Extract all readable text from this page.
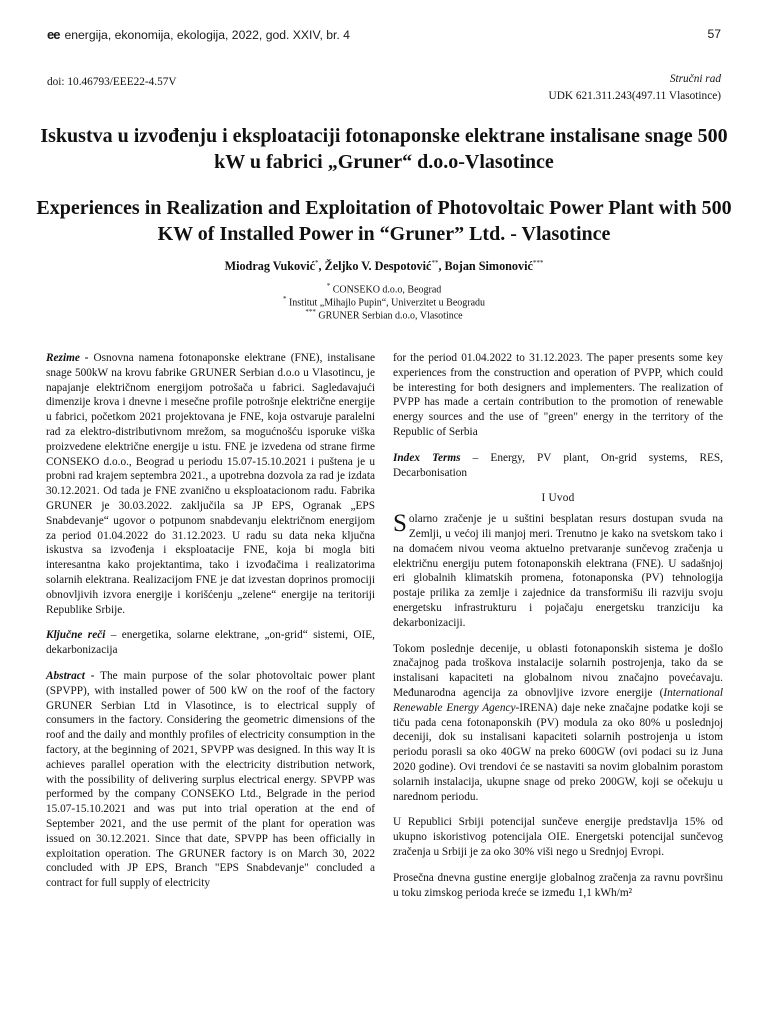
ee energija, ekonomija, ekologija, 2022, god. XXIV, br. 4	57
doi: 10.46793/EEE22-4.57V	Stručni rad
UDK 621.311.243(497.11 Vlasotince)
Iskustva u izvođenju i eksploataciji fotonaponske elektrane instalisane snage 500 kW u fabrici „Gruner“ d.o.o-Vlasotince
Experiences in Realization and Exploitation of Photovoltaic Power Plant with 500 KW of Installed Power in “Gruner” Ltd. - Vlasotince
Miodrag Vuković*, Željko V. Despotović**, Bojan Simonović***
* CONSEKO d.o.o, Beograd
* Institut „Mihajlo Pupin“, Univerzitet u Beogradu
*** GRUNER Serbian d.o.o, Vlasotince

Rezime - Osnovna namena fotonaponske elektrane (FNE), instalisane snage 500kW na krovu fabrike GRUNER Serbian d.o.o u Vlasotincu, je napajanje električnom energijom potrošača u fabrici. Sagledavajući dimenzije krova i dnevne i mesečne profile potrošnje električne energije u fabrici, početkom 2021 projektovana je FNE, koja ostvaruje paralelni rad za elektro-distributivnom mrežom, sa mogućnošću isporuke viška proizvedene električne energije u istu. FNE je izvedena od strane firme CONSEKO d.o.o., Beograd u periodu 15.07-15.10.2021 i puštena je u probni rad krajem septembra 2021., a upotrebna dozvola za rad je izdata 30.12.2021. Od tada je FNE zvanično u eksploatacionom radu. Fabrika GRUNER je 30.03.2022. zaključila sa JP EPS, Ogranak „EPS Snabdevanje“ ugovor o potpunom snabdevanju električnom energijom za period 01.04.2022 do 31.12.2023. U radu su data neka ključna iskustva sa izvođenja i eksploatacije FNE, koja bi mogla biti interesantna kako projektantima, tako i izvođačima i realizatorima solarnih elektrana. Realizacijom FNE je dat izvestan doprinos promociji obnovljivih izvora energije i korišćenju „zelene“ energije na teritoriji Republike Srbije.

Ključne reči – energetika, solarne elektrane, „on-grid“ sistemi, OIE, dekarbonizacija

Abstract - The main purpose of the solar photovoltaic power plant (SPVPP), with installed power of 500 kW on the roof of the factory GRUNER Serbian Ltd in Vlasotince, is to electrical supply of consumers in the factory. Considering the geometric dimensions of the roof and the daily and monthly profiles of electricity consumption in the factory, at the beginning of 2021, SPVPP was designed. In this way It is achieves parallel operation with the electricity distribution network, with the possibility of delivering surplus electrical energy. SPVPP was performed by the company CONSEKO Ltd., Belgrade in the period 15.07-15.10.2021 and was put into trial operation at the end of September 2021, and the use permit of the plant for operation was issued on 30.12.2021. Since that date, SPVPP has been officially in exploitation operation. The GRUNER factory is on March 30, 2022 concluded with JP EPS, Branch "EPS Snabdevanje" concluded a contract for full supply of electricity

for the period 01.04.2022 to 31.12.2023. The paper presents some key experiences from the construction and operation of PVPP, which could be interesting for both designers and implementers. The realization of PVPP has made a certain contribution to the promotion of renewable energy sources and the use of "green" energy in the territory of the Republic of Serbia

Index Terms – Energy, PV plant, On-grid systems, RES, Decarbonisation

I Uvod

Solarno zračenje je u suštini besplatan resurs dostupan svuda na Zemlji, u većoj ili manjoj meri. Trenutno je kako na svetskom tako i na domaćem nivou veoma aktuelno pretvaranje sunčevog zračenja u električnu energiju putem fotonaponskih elektrana (FNE). U sadašnjoj eri globalnih klimatskih promena, fotonaponska (PV) tehnologija postaje prilika za zemlje i zajednice da transformišu ili razviju svoju energetsku infrastrukturu i pojačaju energetsku tranziciju ka dekarbonizaciji.

Tokom poslednje decenije, u oblasti fotonaponskih sistema je došlo značajnog pada troškova instalacije solarnih postrojenja, tako da se instalisani kapaciteti na globalnom nivou značajno povećavaju. Međunarodna agencija za obnovljive izvore energije (International Renewable Energy Agency-IRENA) daje neke značajne podatke koji se tiču pada cena fotonaponskih (PV) modula za oko 80% u poslednjoj deceniji, dok su instalisani kapaciteti solarnih postrojenja u istom periodu porasli sa oko 40GW na preko 600GW (ovi podaci su iz Juna 2020 godine). Ovi trendovi će se nastaviti sa novim globalnim porastom solarnih instalacija, ukupne snage od preko 200GW, koji se očekuju u narednom periodu.

U Republici Srbiji potencijal sunčeve energije predstavlja 15% od ukupno iskoristivog potencijala OIE. Energetski potencijal sunčevog zračenja u Srbiji je za oko 30% viši nego u Srednjoj Evropi.

Prosečna dnevna gustine energije globalnog zračenja za ravnu površinu u toku zimskog perioda kreće se između 1,1 kWh/m²
